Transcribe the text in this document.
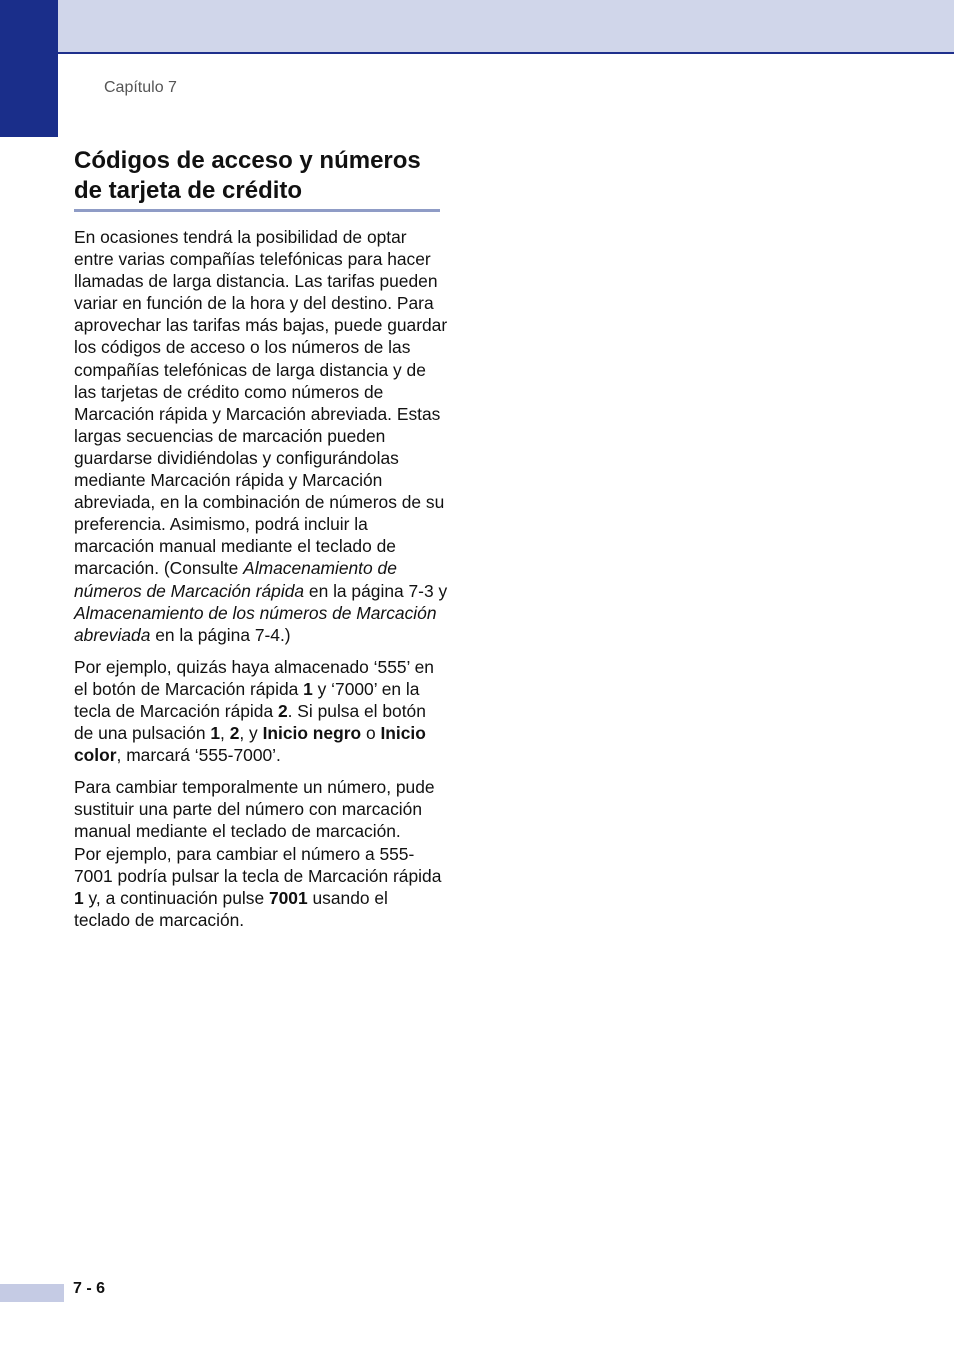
Capítulo 7
Códigos de acceso y números de tarjeta de crédito

En ocasiones tendrá la posibilidad de optar entre varias compañías telefónicas para hacer llamadas de larga distancia. Las tarifas pueden variar en función de la hora y del destino. Para aprovechar las tarifas más bajas, puede guardar los códigos de acceso o los números de las compañías telefónicas de larga distancia y de las tarjetas de crédito como números de Marcación rápida y Marcación abreviada. Estas largas secuencias de marcación pueden guardarse dividiéndolas y configurándolas mediante Marcación rápida y Marcación abreviada, en la combinación de números de su preferencia. Asimismo, podrá incluir la marcación manual mediante el teclado de marcación. (Consulte Almacenamiento de números de Marcación rápida en la página 7-3 y Almacenamiento de los números de Marcación abreviada en la página 7-4.)

Por ejemplo, quizás haya almacenado ‘555’ en el botón de Marcación rápida 1 y ‘7000’ en la tecla de Marcación rápida 2. Si pulsa el botón de una pulsación 1, 2, y Inicio negro o Inicio color, marcará ‘555-7000’.

Para cambiar temporalmente un número, pude sustituir una parte del número con marcación manual mediante el teclado de marcación.

Por ejemplo, para cambiar el número a 555-7001 podría pulsar la tecla de Marcación rápida 1 y, a continuación pulse 7001 usando el teclado de marcación.

7 - 6
